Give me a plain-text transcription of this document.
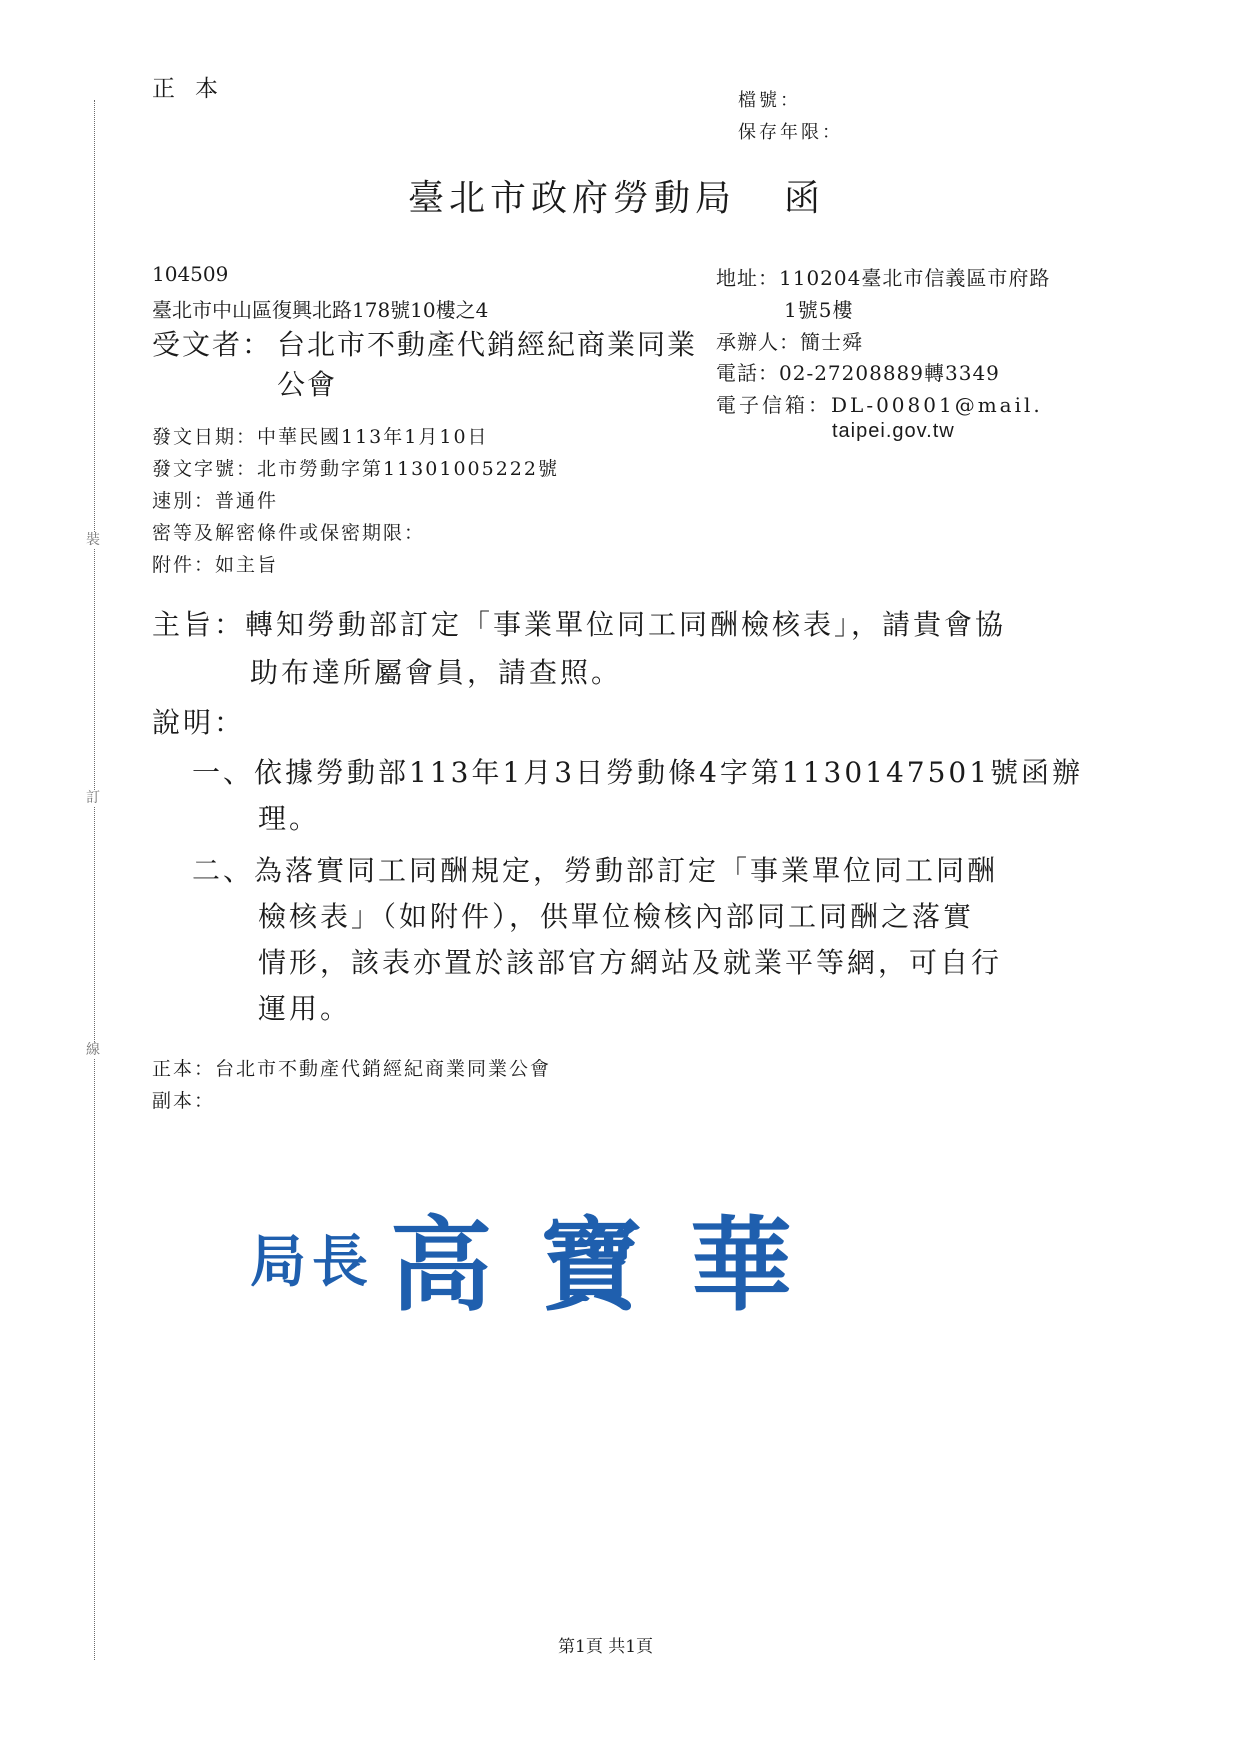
裝
訂
線
正本	檔號：
保存年限：
臺北市政府勞動局 函
104509
臺北市中山區復興北路178號10樓之4
受文者： 台北市不動產代銷經紀商業同業公會
地址：110204臺北市信義區市府路
1號5樓
承辦人：簡士舜
電話：02-27208889轉3349
電子信箱：DL-00801@mail.
taipei.gov.tw
發文日期：中華民國113年1月10日
發文字號：北市勞動字第11301005222號
速別：普通件
密等及解密條件或保密期限：
附件：如主旨
主旨：轉知勞動部訂定「事業單位同工同酬檢核表」，請貴會協
助布達所屬會員，請查照。
說明：
一、依據勞動部113年1月3日勞動條4字第1130147501號函辦
理。
二、為落實同工同酬規定，勞動部訂定「事業單位同工同酬
檢核表」（如附件），供單位檢核內部同工同酬之落實
情形，該表亦置於該部官方網站及就業平等網，可自行
運用。
正本：台北市不動產代銷經紀商業同業公會
副本：
局長 高寶華
第1頁 共1頁
